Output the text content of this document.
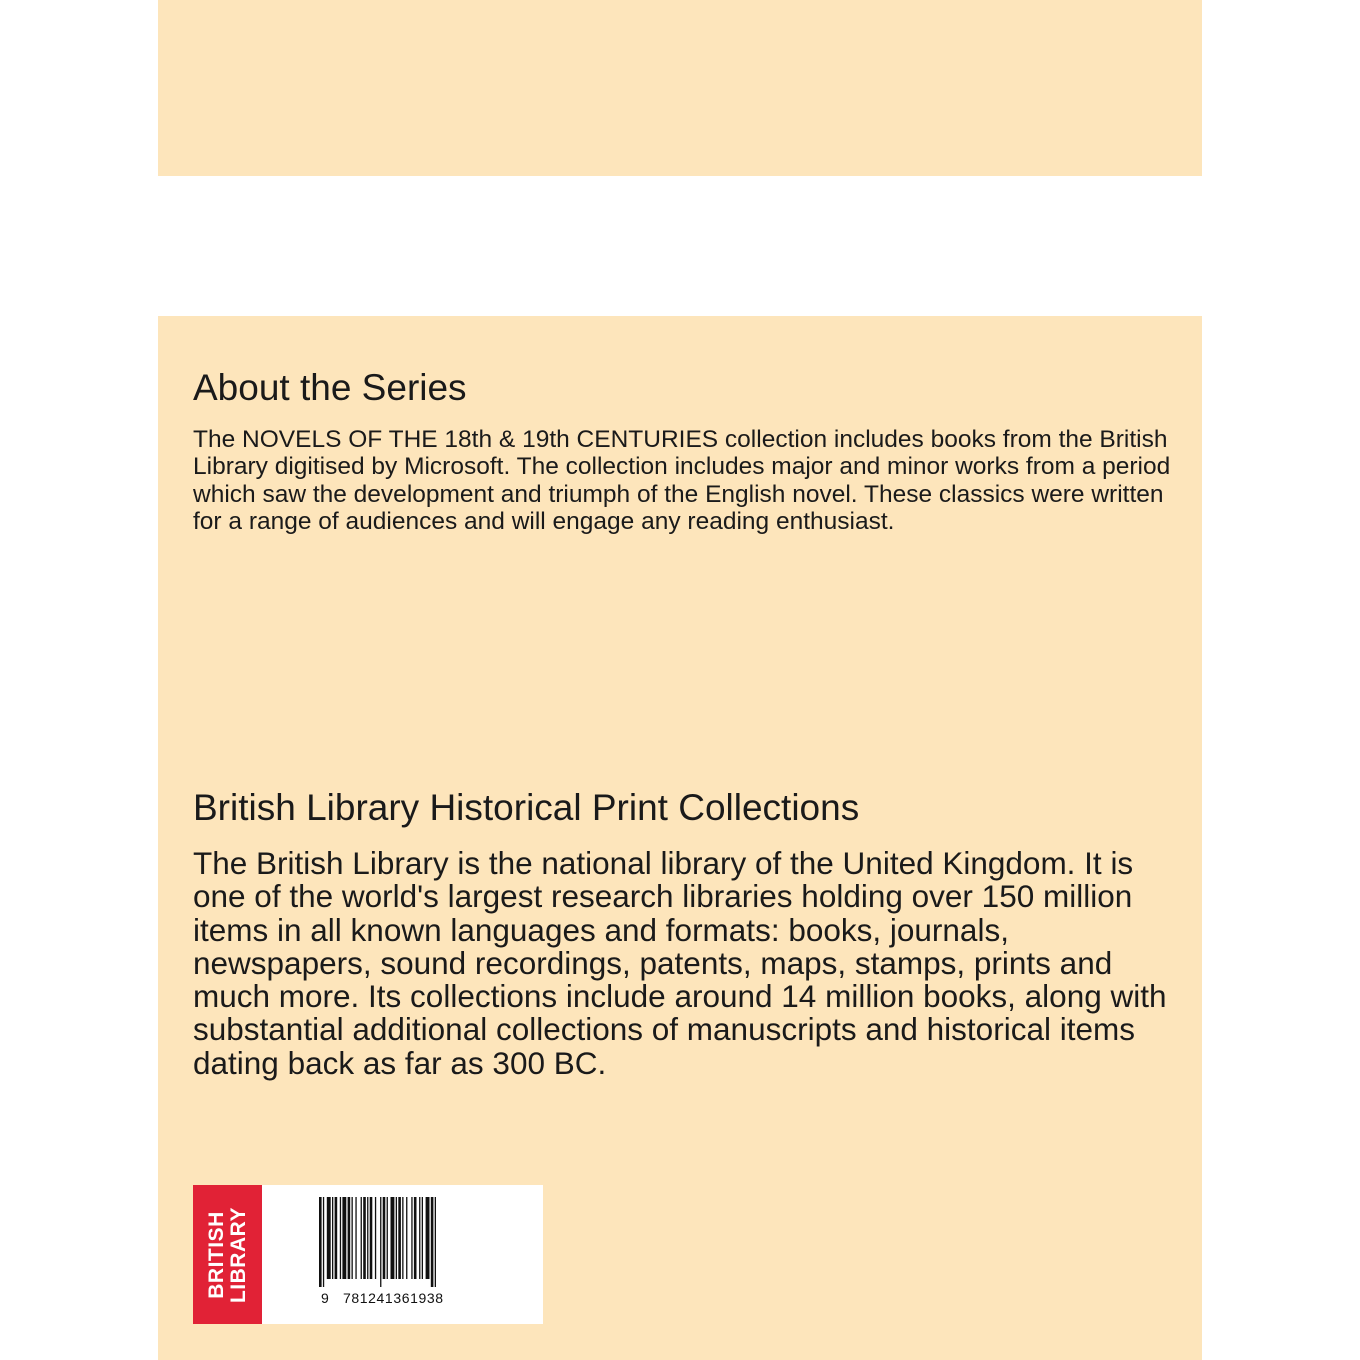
About the Series

The NOVELS OF THE 18th & 19th CENTURIES collection includes books from the British Library digitised by Microsoft. The collection includes major and minor works from a period which saw the development and triumph of the English novel. These classics were written for a range of audiences and will engage any reading enthusiast.

British Library Historical Print Collections

The British Library is the national library of the United Kingdom. It is one of the world's largest research libraries holding over 150 million items in all known languages and formats: books, journals, newspapers, sound recordings, patents, maps, stamps, prints and much more. Its collections include around 14 million books, along with substantial additional collections of manuscripts and historical items dating back as far as 300 BC.

BRITISH LIBRARY	9 781241361938
